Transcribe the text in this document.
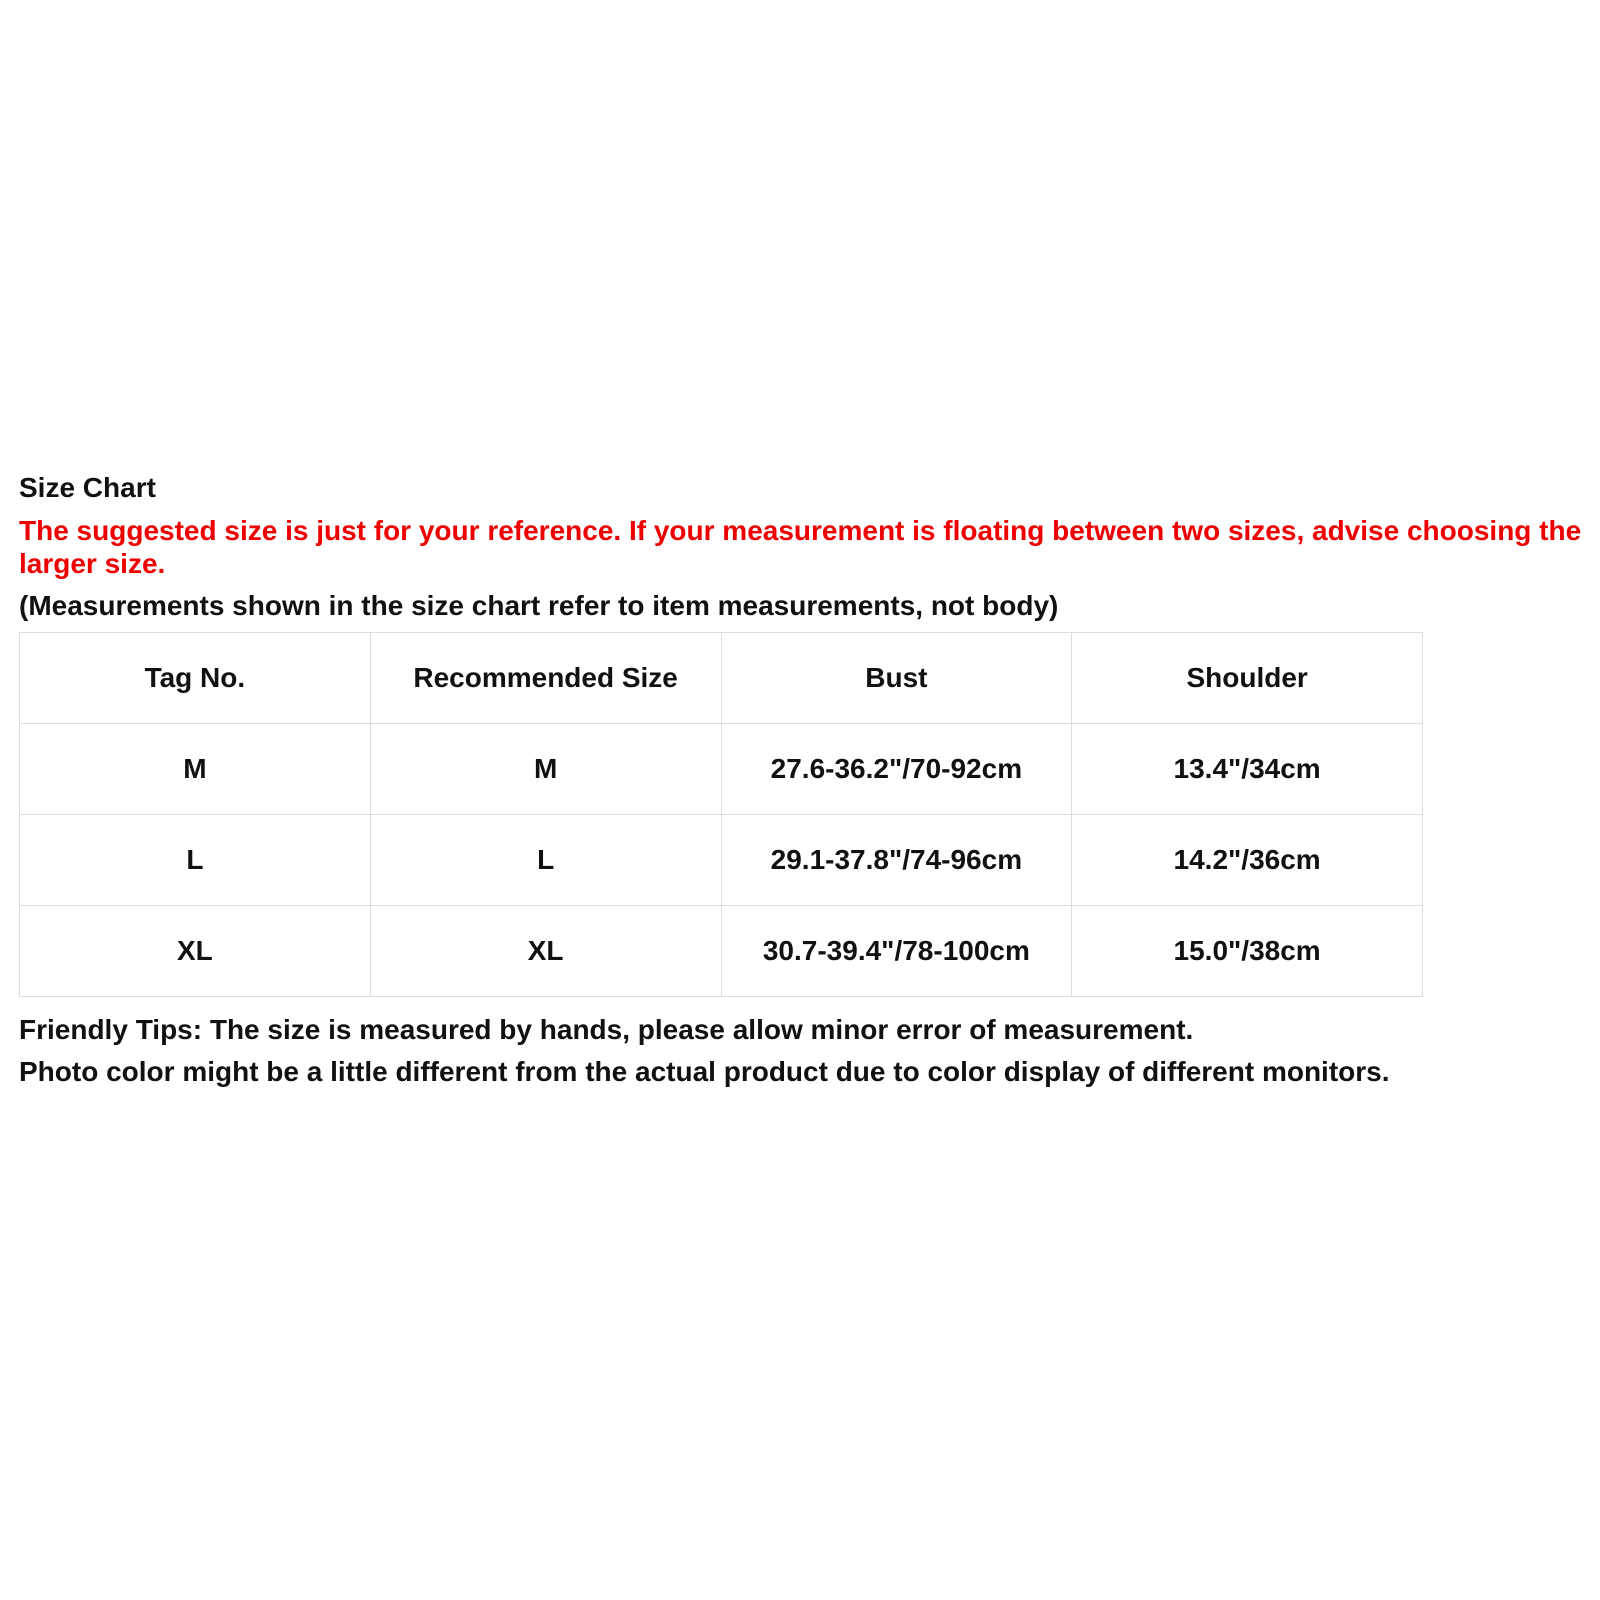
Size Chart
The suggested size is just for your reference. If your measurement is floating between two sizes, advise choosing the larger size.
(Measurements shown in the size chart refer to item measurements, not body)
Tag No.	Recommended Size	Bust	Shoulder
M	M	27.6-36.2"/70-92cm	13.4"/34cm
L	L	29.1-37.8"/74-96cm	14.2"/36cm
XL	XL	30.7-39.4"/78-100cm	15.0"/38cm
Friendly Tips: The size is measured by hands, please allow minor error of measurement.
Photo color might be a little different from the actual product due to color display of different monitors.
